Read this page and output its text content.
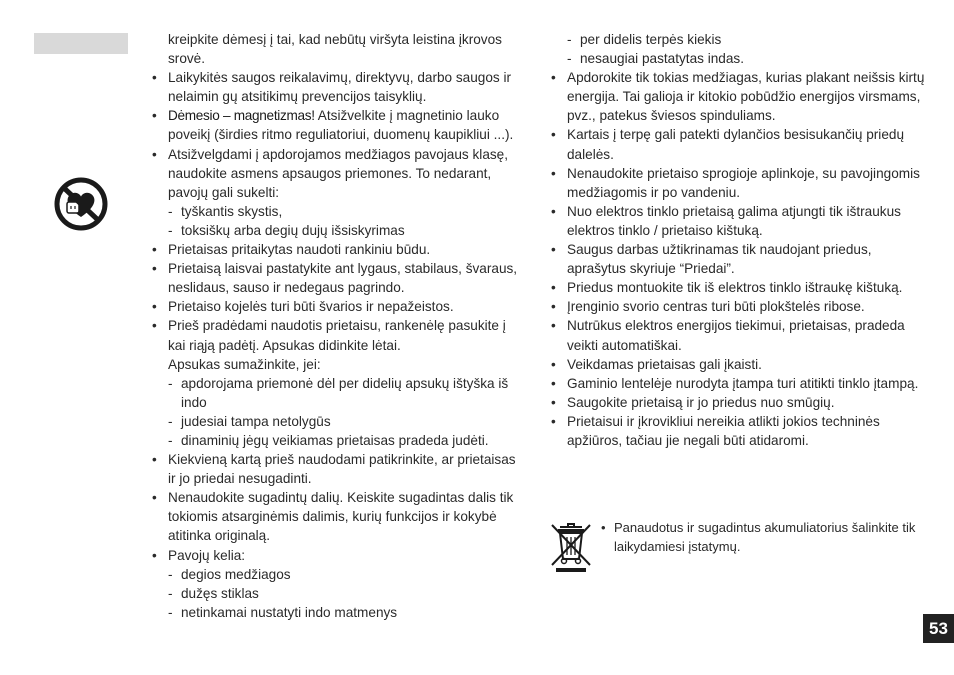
kreipkite dėmesį į tai, kad nebūtų viršyta leistina įkrovos srovė.
• Laikykitės saugos reikalavimų, direktyvų, darbo saugos ir nelaimin gų atsitikimų prevencijos taisyklių.
• Dėmesio – magnetizmas! Atsižvelkite į magnetinio lauko poveikį (širdies ritmo reguliatoriui, duomenų kaupikliui ...).
• Atsižvelgdami į apdorojamos medžiagos pavojaus klasę, naudokite asmens apsaugos priemones. To nedarant, pavojų gali sukelti:
- tyškantis skystis,
- toksiškų arba degių dujų išsiskyrimas
• Prietaisas pritaikytas naudoti rankiniu būdu.
• Prietaisą laisvai pastatykite ant lygaus, stabilaus, švaraus, neslidaus, sauso ir nedegaus pagrindo.
• Prietaiso kojelės turi būti švarios ir nepažeistos.
• Prieš pradėdami naudotis prietaisu, rankenėlę pasukite į kai riąją padėtį. Apsukas didinkite lėtai.
Apsukas sumažinkite, jei:
- apdorojama priemonė dėl per didelių apsukų ištyška iš indo
- judesiai tampa netolygūs
- dinaminių jėgų veikiamas prietaisas pradeda judėti.
• Kiekvieną kartą prieš naudodami patikrinkite, ar prietaisas ir jo priedai nesugadinti.
• Nenaudokite sugadintų dalių. Keiskite sugadintas dalis tik tokiomis atsarginėmis dalimis, kurių funkcijos ir kokybė atitinka originalą.
• Pavojų kelia:
- degios medžiagos
- dužęs stiklas
- netinkamai nustatyti indo matmenys
- per didelis terpės kiekis
- nesaugiai pastatytas indas.
• Apdorokite tik tokias medžiagas, kurias plakant neišsis kirtų energija. Tai galioja ir kitokio pobūdžio energijos virsmams, pvz., patekus šviesos spinduliams.
• Kartais į terpę gali patekti dylančios besisukančių priedų dalelės.
• Nenaudokite prietaiso sprogioje aplinkoje, su pavojingomis medžiagomis ir po vandeniu.
• Nuo elektros tinklo prietaisą galima atjungti tik ištraukus elektros tinklo / prietaiso kištuką.
• Saugus darbas užtikrinamas tik naudojant priedus, aprašytus skyriuje “Priedai”.
• Priedus montuokite tik iš elektros tinklo ištraukę kištuką.
• Įrenginio svorio centras turi būti plokštelės ribose.
• Nutrūkus elektros energijos tiekimui, prietaisas, pradeda veikti automatiškai.
• Veikdamas prietaisas gali įkaisti.
• Gaminio lentelėje nurodyta įtampa turi atitikti tinklo įtampą.
• Saugokite prietaisą ir jo priedus nuo smūgių.
• Prietaisui ir įkrovikliui nereikia atlikti jokios techninės apžiūros, tačiau jie negali būti atidaromi.
• Panaudotus ir sugadintus akumuliatorius šalinkite tik laikydamiesi įstatymų.
53
